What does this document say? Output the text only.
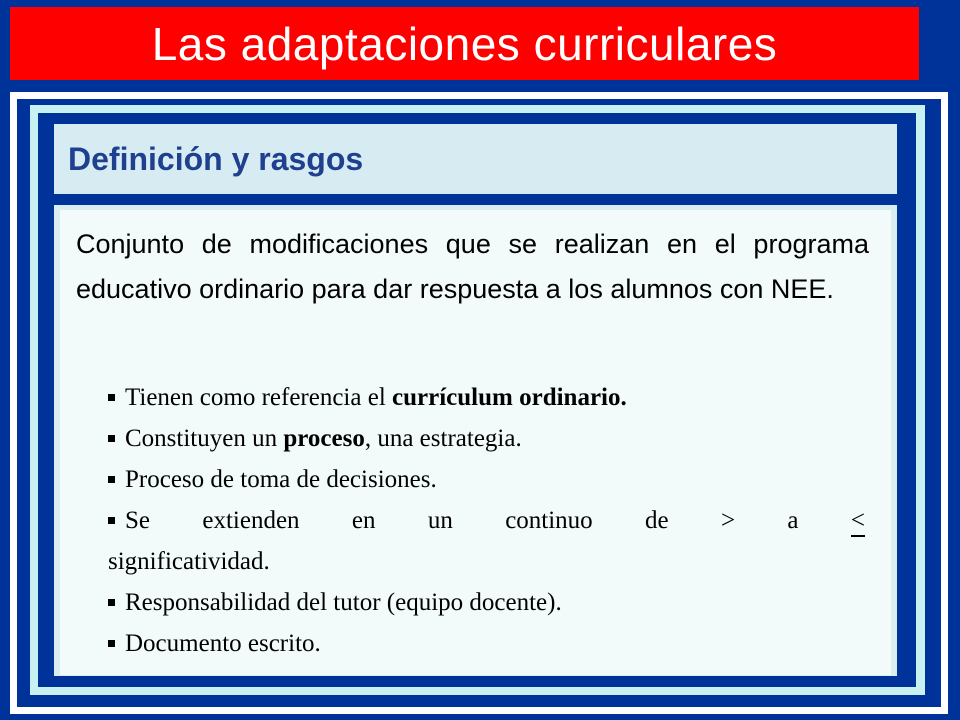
Las adaptaciones curriculares
Definición y rasgos

Conjunto de modificaciones que se realizan en el programa educativo ordinario para dar respuesta a los alumnos con NEE.

Tienen como referencia el currículum ordinario.
Constituyen un proceso, una estrategia.
Proceso de toma de decisiones.
Se extienden en un continuo de > a <
significatividad.
Responsabilidad del tutor (equipo docente).
Documento escrito.
